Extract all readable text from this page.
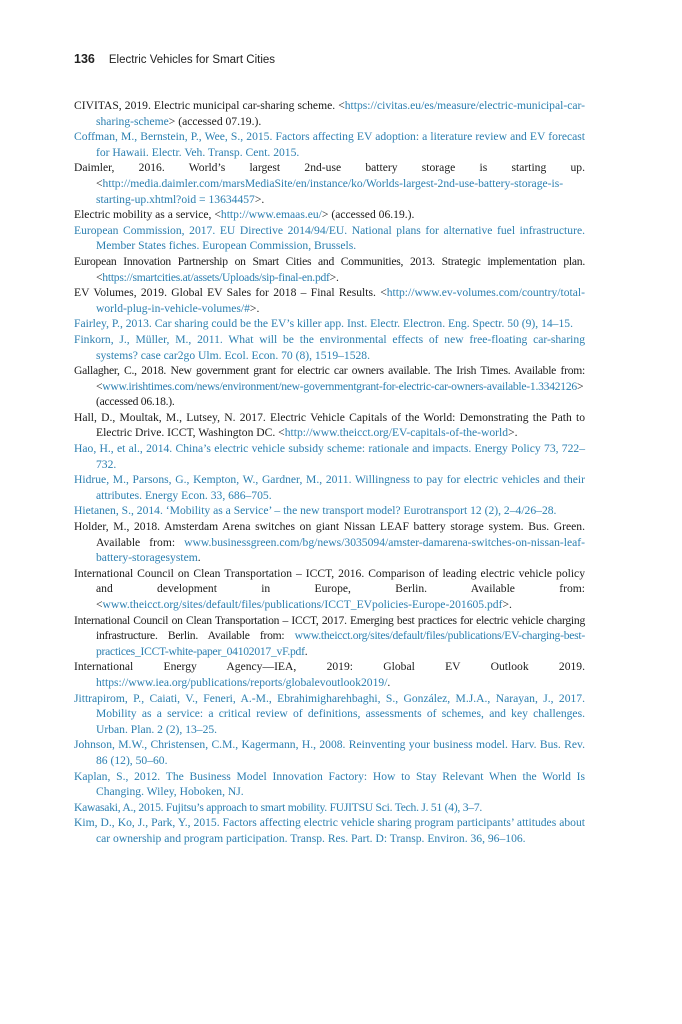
136 Electric Vehicles for Smart Cities

CIVITAS, 2019. Electric municipal car-sharing scheme. <https://civitas.eu/es/measure/electric-municipal-car-sharing-scheme> (accessed 07.19.).

Coffman, M., Bernstein, P., Wee, S., 2015. Factors affecting EV adoption: a literature review and EV forecast for Hawaii. Electr. Veh. Transp. Cent. 2015.

Daimler, 2016. World’s largest 2nd-use battery storage is starting up. <http://media.daimler.com/marsMediaSite/en/instance/ko/Worlds-largest-2nd-use-battery-storage-is-starting-up.xhtml?oid = 13634457>.

Electric mobility as a service, <http://www.emaas.eu/> (accessed 06.19.).

European Commission, 2017. EU Directive 2014/94/EU. National plans for alternative fuel infrastructure. Member States fiches. European Commission, Brussels.

European Innovation Partnership on Smart Cities and Communities, 2013. Strategic implementation plan. <https://smartcities.at/assets/Uploads/sip-final-en.pdf>.

EV Volumes, 2019. Global EV Sales for 2018 – Final Results. <http://www.ev-volumes.com/country/total-world-plug-in-vehicle-volumes/#>.

Fairley, P., 2013. Car sharing could be the EV’s killer app. Inst. Electr. Electron. Eng. Spectr. 50 (9), 14–15.

Finkorn, J., Müller, M., 2011. What will be the environmental effects of new free-floating car-sharing systems? case car2go Ulm. Ecol. Econ. 70 (8), 1519–1528.

Gallagher, C., 2018. New government grant for electric car owners available. The Irish Times. Available from: <www.irishtimes.com/news/environment/new-governmentgrant-for-electric-car-owners-available-1.3342126> (accessed 06.18.).

Hall, D., Moultak, M., Lutsey, N. 2017. Electric Vehicle Capitals of the World: Demonstrating the Path to Electric Drive. ICCT, Washington DC. <http://www.theicct.org/EV-capitals-of-the-world>.

Hao, H., et al., 2014. China’s electric vehicle subsidy scheme: rationale and impacts. Energy Policy 73, 722–732.

Hidrue, M., Parsons, G., Kempton, W., Gardner, M., 2011. Willingness to pay for electric vehicles and their attributes. Energy Econ. 33, 686–705.

Hietanen, S., 2014. ‘Mobility as a Service’ – the new transport model? Eurotransport 12 (2), 2–4/26–28.

Holder, M., 2018. Amsterdam Arena switches on giant Nissan LEAF battery storage system. Bus. Green. Available from: www.businessgreen.com/bg/news/3035094/amster-damarena-switches-on-nissan-leaf-battery-storagesystem.

International Council on Clean Transportation – ICCT, 2016. Comparison of leading electric vehicle policy and development in Europe, Berlin. Available from: <www.theicct.org/sites/default/files/publications/ICCT_EVpolicies-Europe-201605.pdf>.

International Council on Clean Transportation – ICCT, 2017. Emerging best practices for electric vehicle charging infrastructure. Berlin. Available from: www.theicct.org/sites/default/files/publications/EV-charging-best-practices_ICCT-white-paper_04102017_vF.pdf.

International Energy Agency—IEA, 2019: Global EV Outlook 2019. https://www.iea.org/publications/reports/globalevoutlook2019/.

Jittrapirom, P., Caiati, V., Feneri, A.-M., Ebrahimigharehbaghi, S., González, M.J.A., Narayan, J., 2017. Mobility as a service: a critical review of definitions, assessments of schemes, and key challenges. Urban. Plan. 2 (2), 13–25.

Johnson, M.W., Christensen, C.M., Kagermann, H., 2008. Reinventing your business model. Harv. Bus. Rev. 86 (12), 50–60.

Kaplan, S., 2012. The Business Model Innovation Factory: How to Stay Relevant When the World Is Changing. Wiley, Hoboken, NJ.

Kawasaki, A., 2015. Fujitsu’s approach to smart mobility. FUJITSU Sci. Tech. J. 51 (4), 3–7.

Kim, D., Ko, J., Park, Y., 2015. Factors affecting electric vehicle sharing program participants’ attitudes about car ownership and program participation. Transp. Res. Part. D: Transp. Environ. 36, 96–106.
